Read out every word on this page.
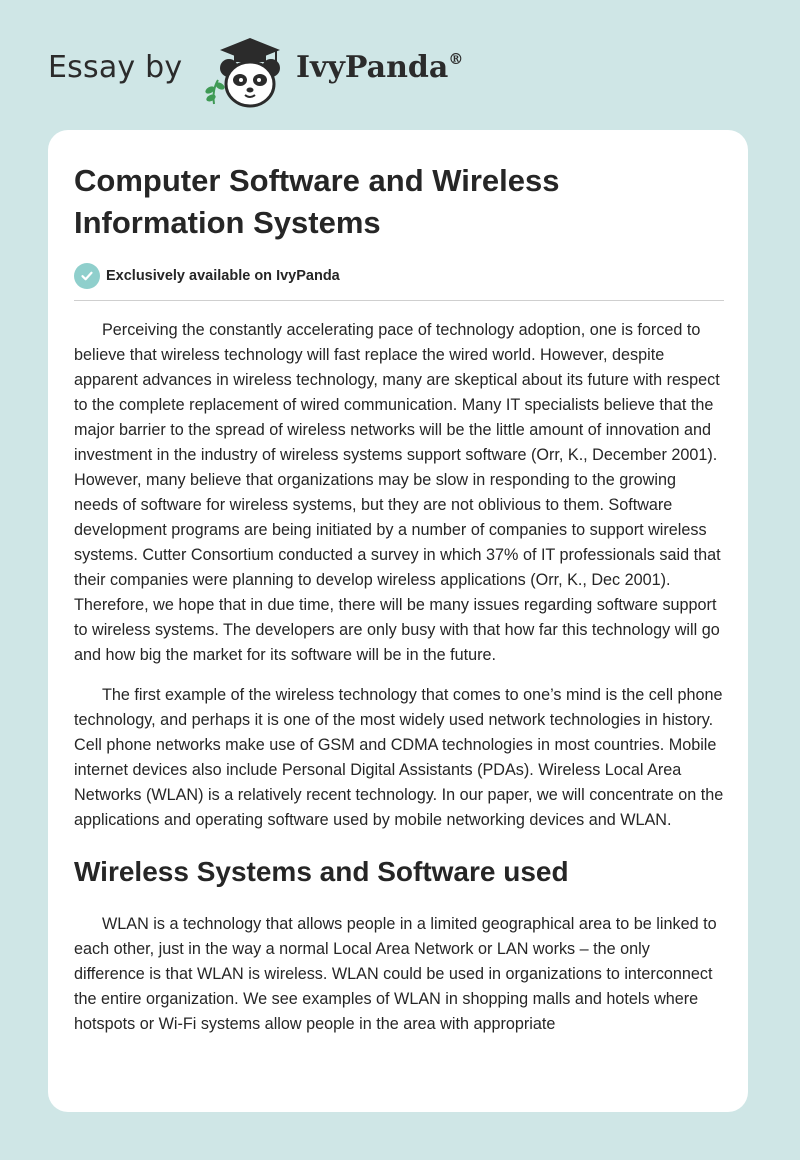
Essay by	IvyPanda®
Computer Software and Wireless Information Systems
Exclusively available on IvyPanda

Perceiving the constantly accelerating pace of technology adoption, one is forced to believe that wireless technology will fast replace the wired world. However, despite apparent advances in wireless technology, many are skeptical about its future with respect to the complete replacement of wired communication. Many IT specialists believe that the major barrier to the spread of wireless networks will be the little amount of innovation and investment in the industry of wireless systems support software (Orr, K., December 2001). However, many believe that organizations may be slow in responding to the growing needs of software for wireless systems, but they are not oblivious to them. Software development programs are being initiated by a number of companies to support wireless systems. Cutter Consortium conducted a survey in which 37% of IT professionals said that their companies were planning to develop wireless applications (Orr, K., Dec 2001). Therefore, we hope that in due time, there will be many issues regarding software support to wireless systems. The developers are only busy with that how far this technology will go and how big the market for its software will be in the future.

The first example of the wireless technology that comes to one’s mind is the cell phone technology, and perhaps it is one of the most widely used network technologies in history. Cell phone networks make use of GSM and CDMA technologies in most countries. Mobile internet devices also include Personal Digital Assistants (PDAs). Wireless Local Area Networks (WLAN) is a relatively recent technology. In our paper, we will concentrate on the applications and operating software used by mobile networking devices and WLAN.

Wireless Systems and Software used

WLAN is a technology that allows people in a limited geographical area to be linked to each other, just in the way a normal Local Area Network or LAN works – the only difference is that WLAN is wireless. WLAN could be used in organizations to interconnect the entire organization. We see examples of WLAN in shopping malls and hotels where hotspots or Wi-Fi systems allow people in the area with appropriate
